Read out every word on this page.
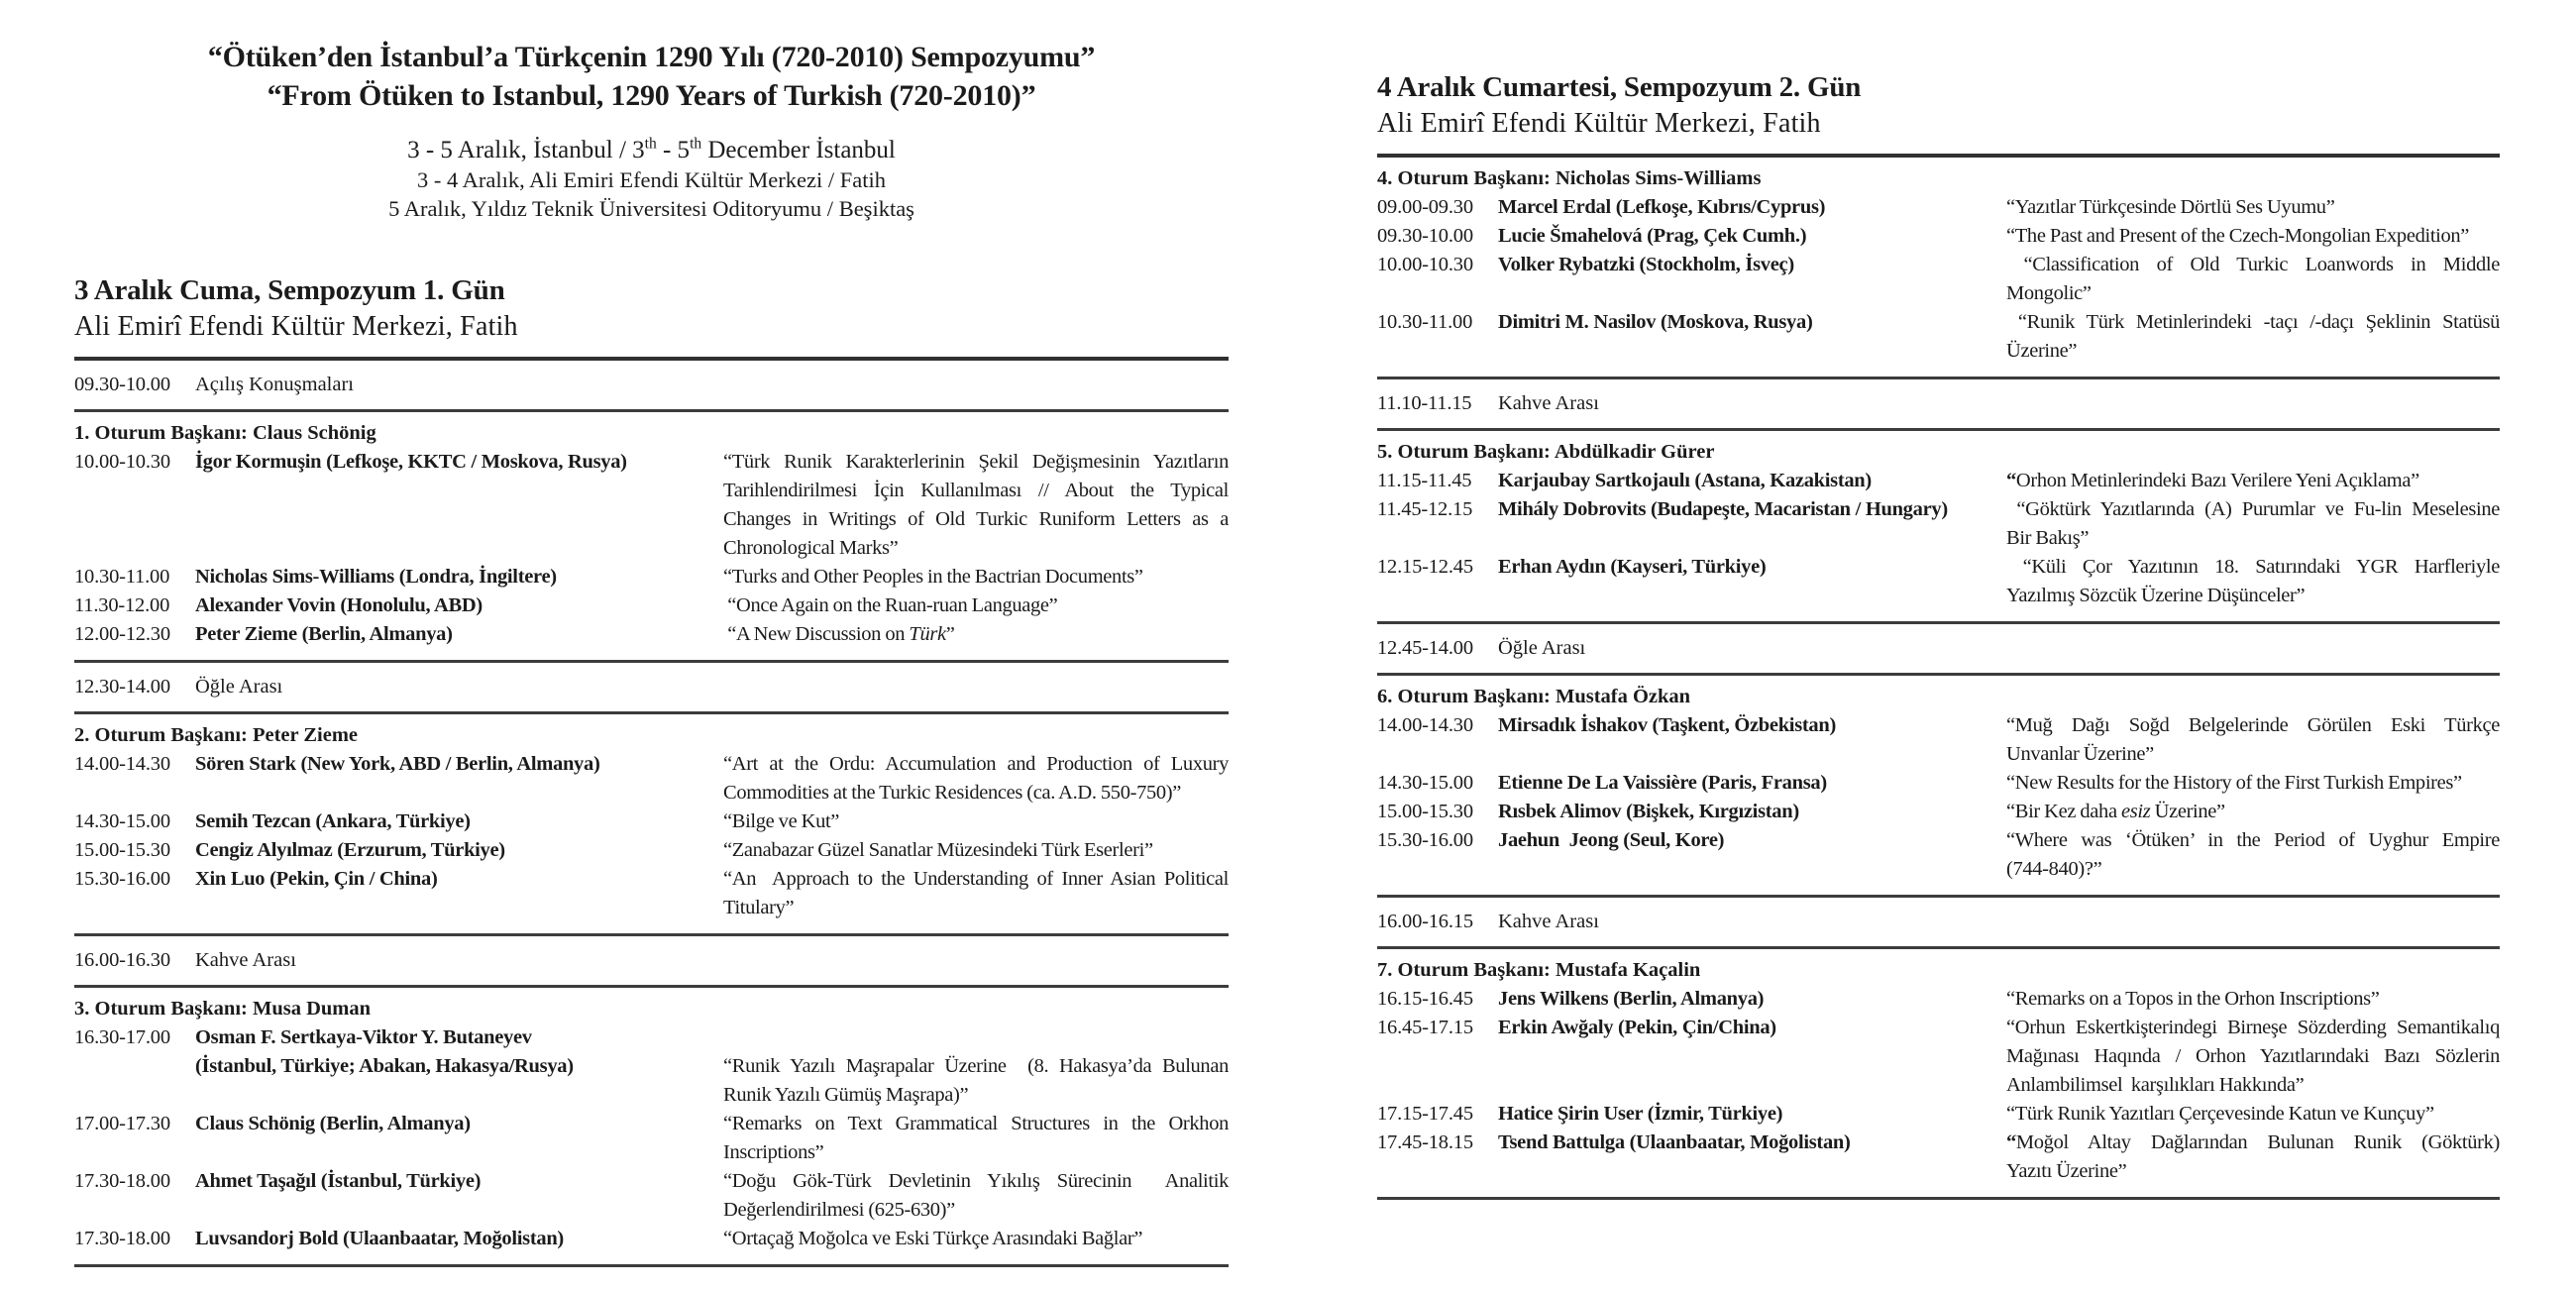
“Ötüken’den İstanbul’a Türkçenin 1290 Yılı (720-2010) Sempozyumu”
“From Ötüken to Istanbul, 1290 Years of Turkish (720-2010)”
3 - 5 Aralık, İstanbul / 3th - 5th December İstanbul
3 - 4 Aralık, Ali Emiri Efendi Kültür Merkezi / Fatih
5 Aralık, Yıldız Teknik Üniversitesi Oditoryumu / Beşiktaş
3 Aralık Cuma, Sempozyum 1. Gün
Ali Emirî Efendi Kültür Merkezi, Fatih
09.30-10.00	Açılış Konuşmaları
1. Oturum Başkanı: Claus Schönig
10.00-10.30	İgor Kormuşin (Lefkoşe, KKTC / Moskova, Rusya)	“Türk Runik Karakterlerinin Şekil Değişmesinin Yazıtların
Tarihlendirilmesi İçin Kullanılması // About the Typical
Changes in Writings of Old Turkic Runiform Letters as a
Chronological Marks”
10.30-11.00	Nicholas Sims-Williams (Londra, İngiltere)	“Turks and Other Peoples in the Bactrian Documents”
11.30-12.00	Alexander Vovin (Honolulu, ABD)	“Once Again on the Ruan-ruan Language”
12.00-12.30	Peter Zieme (Berlin, Almanya)	“A New Discussion on Türk”
12.30-14.00	Öğle Arası
2. Oturum Başkanı: Peter Zieme
14.00-14.30	Sören Stark (New York, ABD / Berlin, Almanya)	“Art at the Ordu: Accumulation and Production of Luxury
Commodities at the Turkic Residences (ca. A.D. 550-750)”
14.30-15.00	Semih Tezcan (Ankara, Türkiye)	“Bilge ve Kut”
15.00-15.30	Cengiz Alyılmaz (Erzurum, Türkiye)	“Zanabazar Güzel Sanatlar Müzesindeki Türk Eserleri”
15.30-16.00	Xin Luo (Pekin, Çin / China)	“An  Approach to the Understanding of Inner Asian Political
Titulary”
16.00-16.30	Kahve Arası
3. Oturum Başkanı: Musa Duman
16.30-17.00	Osman F. Sertkaya-Viktor Y. Butaneyev
(İstanbul, Türkiye; Abakan, Hakasya/Rusya)	“Runik Yazılı Maşrapalar Üzerine  (8. Hakasya’da Bulunan
Runik Yazılı Gümüş Maşrapa)”
17.00-17.30	Claus Schönig (Berlin, Almanya)	“Remarks on Text Grammatical Structures in the Orkhon
Inscriptions”
17.30-18.00	Ahmet Taşağıl (İstanbul, Türkiye)	“Doğu Gök-Türk Devletinin Yıkılış Sürecinin  Analitik
Değerlendirilmesi (625-630)”
17.30-18.00	Luvsandorj Bold (Ulaanbaatar, Moğolistan)	“Ortaçağ Moğolca ve Eski Türkçe Arasındaki Bağlar”
4 Aralık Cumartesi, Sempozyum 2. Gün
Ali Emirî Efendi Kültür Merkezi, Fatih
4. Oturum Başkanı: Nicholas Sims-Williams
09.00-09.30	Marcel Erdal (Lefkoşe, Kıbrıs/Cyprus)	“Yazıtlar Türkçesinde Dörtlü Ses Uyumu”
09.30-10.00	Lucie Šmahelová (Prag, Çek Cumh.)	“The Past and Present of the Czech-Mongolian Expedition”
10.00-10.30	Volker Rybatzki (Stockholm, İsveç)	“Classification of Old Turkic Loanwords in Middle
Mongolic”
10.30-11.00	Dimitri M. Nasilov (Moskova, Rusya)	“Runik Türk Metinlerindeki -taçı /-daçı Şeklinin Statüsü
Üzerine”
11.10-11.15	Kahve Arası
5. Oturum Başkanı: Abdülkadir Gürer
11.15-11.45	Karjaubay Sartkojaulı (Astana, Kazakistan)	“Orhon Metinlerindeki Bazı Verilere Yeni Açıklama”
11.45-12.15	Mihály Dobrovits (Budapeşte, Macaristan / Hungary)	“Göktürk Yazıtlarında (A) Purumlar ve Fu-lin Meselesine
Bir Bakış”
12.15-12.45	Erhan Aydın (Kayseri, Türkiye)	“Küli Çor Yazıtının 18. Satırındaki YGR Harfleriyle
Yazılmış Sözcük Üzerine Düşünceler”
12.45-14.00	Öğle Arası
6. Oturum Başkanı: Mustafa Özkan
14.00-14.30	Mirsadık İshakov (Taşkent, Özbekistan)	“Muğ Dağı Soğd Belgelerinde Görülen Eski Türkçe
Unvanlar Üzerine”
14.30-15.00	Etienne De La Vaissière (Paris, Fransa)	“New Results for the History of the First Turkish Empires”
15.00-15.30	Rısbek Alimov (Bişkek, Kırgızistan)	“Bir Kez daha esiz Üzerine”
15.30-16.00	Jaehun  Jeong (Seul, Kore)	“Where was ‘Ötüken’ in the Period of Uyghur Empire
(744-840)?”
16.00-16.15	Kahve Arası
7. Oturum Başkanı: Mustafa Kaçalin
16.15-16.45	Jens Wilkens (Berlin, Almanya)	“Remarks on a Topos in the Orhon Inscriptions”
16.45-17.15	Erkin Awğaly (Pekin, Çin/China)	“Orhun Eskertkişterindegi Birneşe Sözderding Semantikalıq
Mağınası Haqında / Orhon Yazıtlarındaki Bazı Sözlerin
Anlambilimsel  karşılıkları Hakkında”
17.15-17.45	Hatice Şirin User (İzmir, Türkiye)	“Türk Runik Yazıtları Çerçevesinde Katun ve Kunçuy”
17.45-18.15	Tsend Battulga (Ulaanbaatar, Moğolistan)	“Moğol Altay Dağlarından Bulunan Runik (Göktürk)
Yazıtı Üzerine”
